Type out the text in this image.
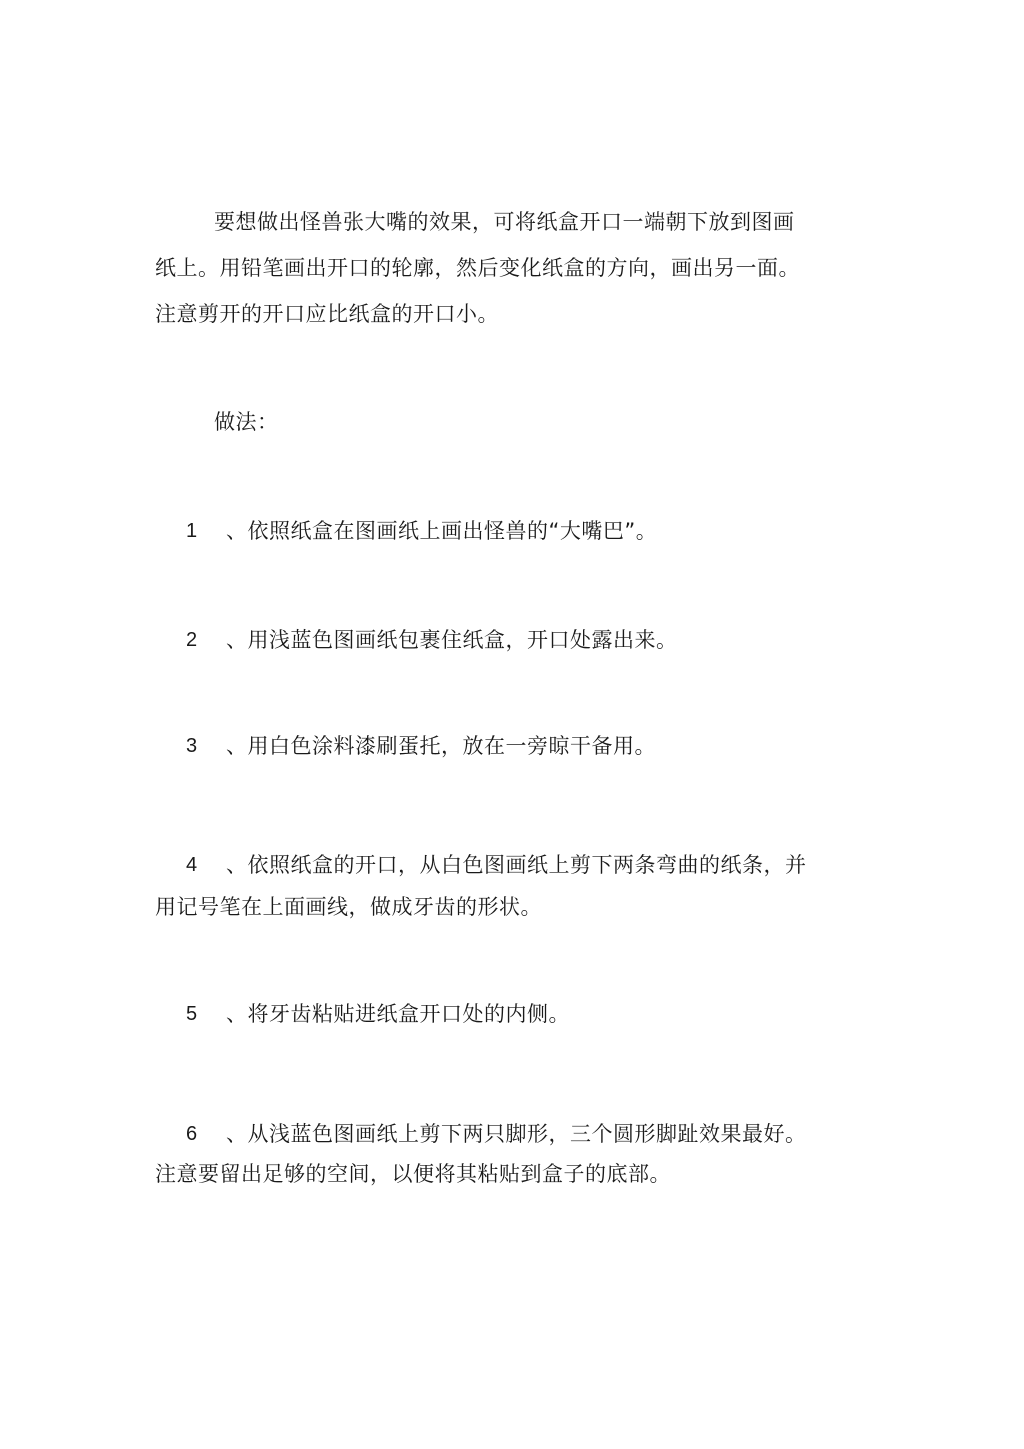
要想做出怪兽张大嘴的效果，可将纸盒开口一端朝下放到图画
纸上。用铅笔画出开口的轮廓，然后变化纸盒的方向，画出另一面。
注意剪开的开口应比纸盒的开口小。
做法：
1 、依照纸盒在图画纸上画出怪兽的“大嘴巴”。
2 、用浅蓝色图画纸包裹住纸盒，开口处露出来。
3 、用白色涂料漆刷蛋托，放在一旁晾干备用。
4 、依照纸盒的开口，从白色图画纸上剪下两条弯曲的纸条，并
用记号笔在上面画线，做成牙齿的形状。
5 、将牙齿粘贴进纸盒开口处的内侧。
6 、从浅蓝色图画纸上剪下两只脚形，三个圆形脚趾效果最好。
注意要留出足够的空间，以便将其粘贴到盒子的底部。
